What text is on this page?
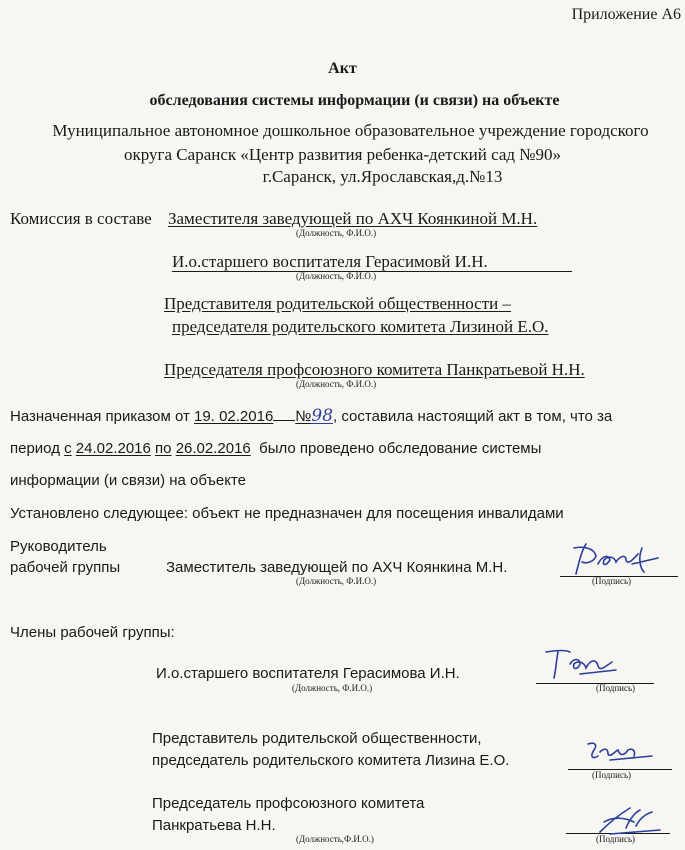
Приложение А6
Акт
обследования системы информации (и связи) на объекте
Муниципальное автономное дошкольное образовательное учреждение городского
округа Саранск «Центр развития ребенка-детский сад №90»
г.Саранск, ул.Ярославская,д.№13
Комиссия в составе Заместителя заведующей по АХЧ Коянкиной М.Н.
(Должность, Ф.И.О.)
И.о.старшего воспитателя Герасимовй И.Н.
(Должность, Ф.И.О.)
Представителя родительской общественности –
председателя родительского комитета Лизиной Е.О.
Председателя профсоюзного комитета Панкратьевой Н.Н.
(Должность, Ф.И.О.)
Назначенная приказом от 19. 02.2016 №98, составила настоящий акт в том, что за
период с 24.02.2016 по 26.02.2016 было проведено обследование системы
информации (и связи) на объекте
Установлено следующее: объект не предназначен для посещения инвалидами
Руководитель
рабочей группы	Заместитель заведующей по АХЧ Коянкина М.Н.
(Должность, Ф.И.О.)	(Подпись)
Члены рабочей группы:
И.о.старшего воспитателя Герасимова И.Н.
(Должность, Ф.И.О.)	(Подпись)
Представитель родительской общественности,
председатель родительского комитета Лизина Е.О.
(Подпись)
Председатель профсоюзного комитета
Панкратьева Н.Н.
(Должность,Ф.И.О.)	(Подпись)
